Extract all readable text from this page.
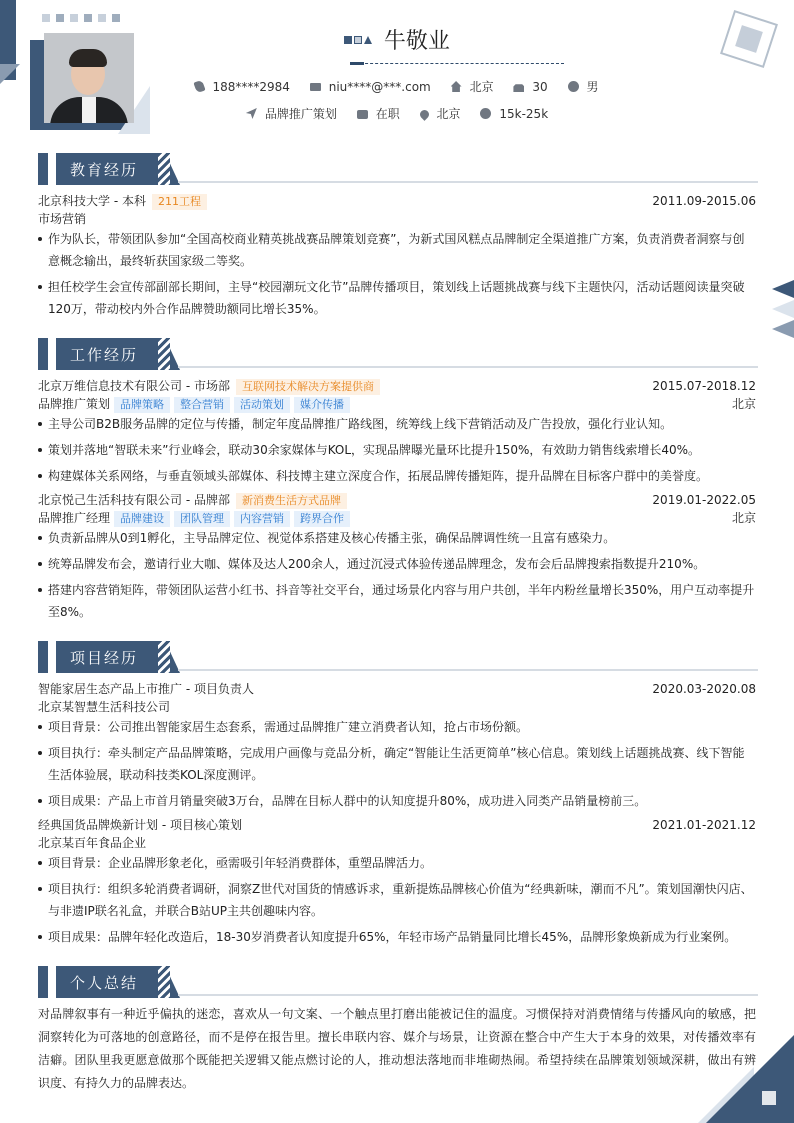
牛敬业
188****2984	niu****@***.com	北京	30	男
品牌推广策划	在职	北京	15k-25k
教育经历
北京科技大学 - 本科 211工程	2011.09-2015.06
市场营销
作为队长，带领团队参加“全国高校商业精英挑战赛品牌策划竞赛”，为新式国风糕点品牌制定全渠道推广方案，负责消费者洞察与创意概念输出，最终斩获国家级二等奖。
担任校学生会宣传部副部长期间，主导“校园潮玩文化节”品牌传播项目，策划线上话题挑战赛与线下主题快闪，活动话题阅读量突破120万，带动校内外合作品牌赞助额同比增长35%。
工作经历
北京万维信息技术有限公司 - 市场部 互联网技术解决方案提供商	2015.07-2018.12
品牌推广策划 品牌策略 整合营销 活动策划 媒介传播	北京
主导公司B2B服务品牌的定位与传播，制定年度品牌推广路线图，统筹线上线下营销活动及广告投放，强化行业认知。
策划并落地“智联未来”行业峰会，联动30余家媒体与KOL，实现品牌曝光量环比提升150%，有效助力销售线索增长40%。
构建媒体关系网络，与垂直领域头部媒体、科技博主建立深度合作，拓展品牌传播矩阵，提升品牌在目标客户群中的美誉度。
北京悦己生活科技有限公司 - 品牌部 新消费生活方式品牌	2019.01-2022.05
品牌推广经理 品牌建设 团队管理 内容营销 跨界合作	北京
负责新品牌从0到1孵化，主导品牌定位、视觉体系搭建及核心传播主张，确保品牌调性统一且富有感染力。
统筹品牌发布会，邀请行业大咖、媒体及达人200余人，通过沉浸式体验传递品牌理念，发布会后品牌搜索指数提升210%。
搭建内容营销矩阵，带领团队运营小红书、抖音等社交平台，通过场景化内容与用户共创，半年内粉丝量增长350%，用户互动率提升至8%。
项目经历
智能家居生态产品上市推广 - 项目负责人	2020.03-2020.08
北京某智慧生活科技公司
项目背景：公司推出智能家居生态套系，需通过品牌推广建立消费者认知，抢占市场份额。
项目执行：牵头制定产品品牌策略，完成用户画像与竞品分析，确定“智能让生活更简单”核心信息。策划线上话题挑战赛、线下智能生活体验展，联动科技类KOL深度测评。
项目成果：产品上市首月销量突破3万台，品牌在目标人群中的认知度提升80%，成功进入同类产品销量榜前三。
经典国货品牌焕新计划 - 项目核心策划	2021.01-2021.12
北京某百年食品企业
项目背景：企业品牌形象老化，亟需吸引年轻消费群体，重塑品牌活力。
项目执行：组织多轮消费者调研，洞察Z世代对国货的情感诉求，重新提炼品牌核心价值为“经典新味，潮而不凡”。策划国潮快闪店、与非遗IP联名礼盒，并联合B站UP主共创趣味内容。
项目成果：品牌年轻化改造后，18-30岁消费者认知度提升65%，年轻市场产品销量同比增长45%，品牌形象焕新成为行业案例。
个人总结
对品牌叙事有一种近乎偏执的迷恋，喜欢从一句文案、一个触点里打磨出能被记住的温度。习惯保持对消费情绪与传播风向的敏感，把洞察转化为可落地的创意路径，而不是停在报告里。擅长串联内容、媒介与场景，让资源在整合中产生大于本身的效果，对传播效率有洁癖。团队里我更愿意做那个既能把关逻辑又能点燃讨论的人，推动想法落地而非堆砌热闹。希望持续在品牌策划领域深耕，做出有辨识度、有持久力的品牌表达。
